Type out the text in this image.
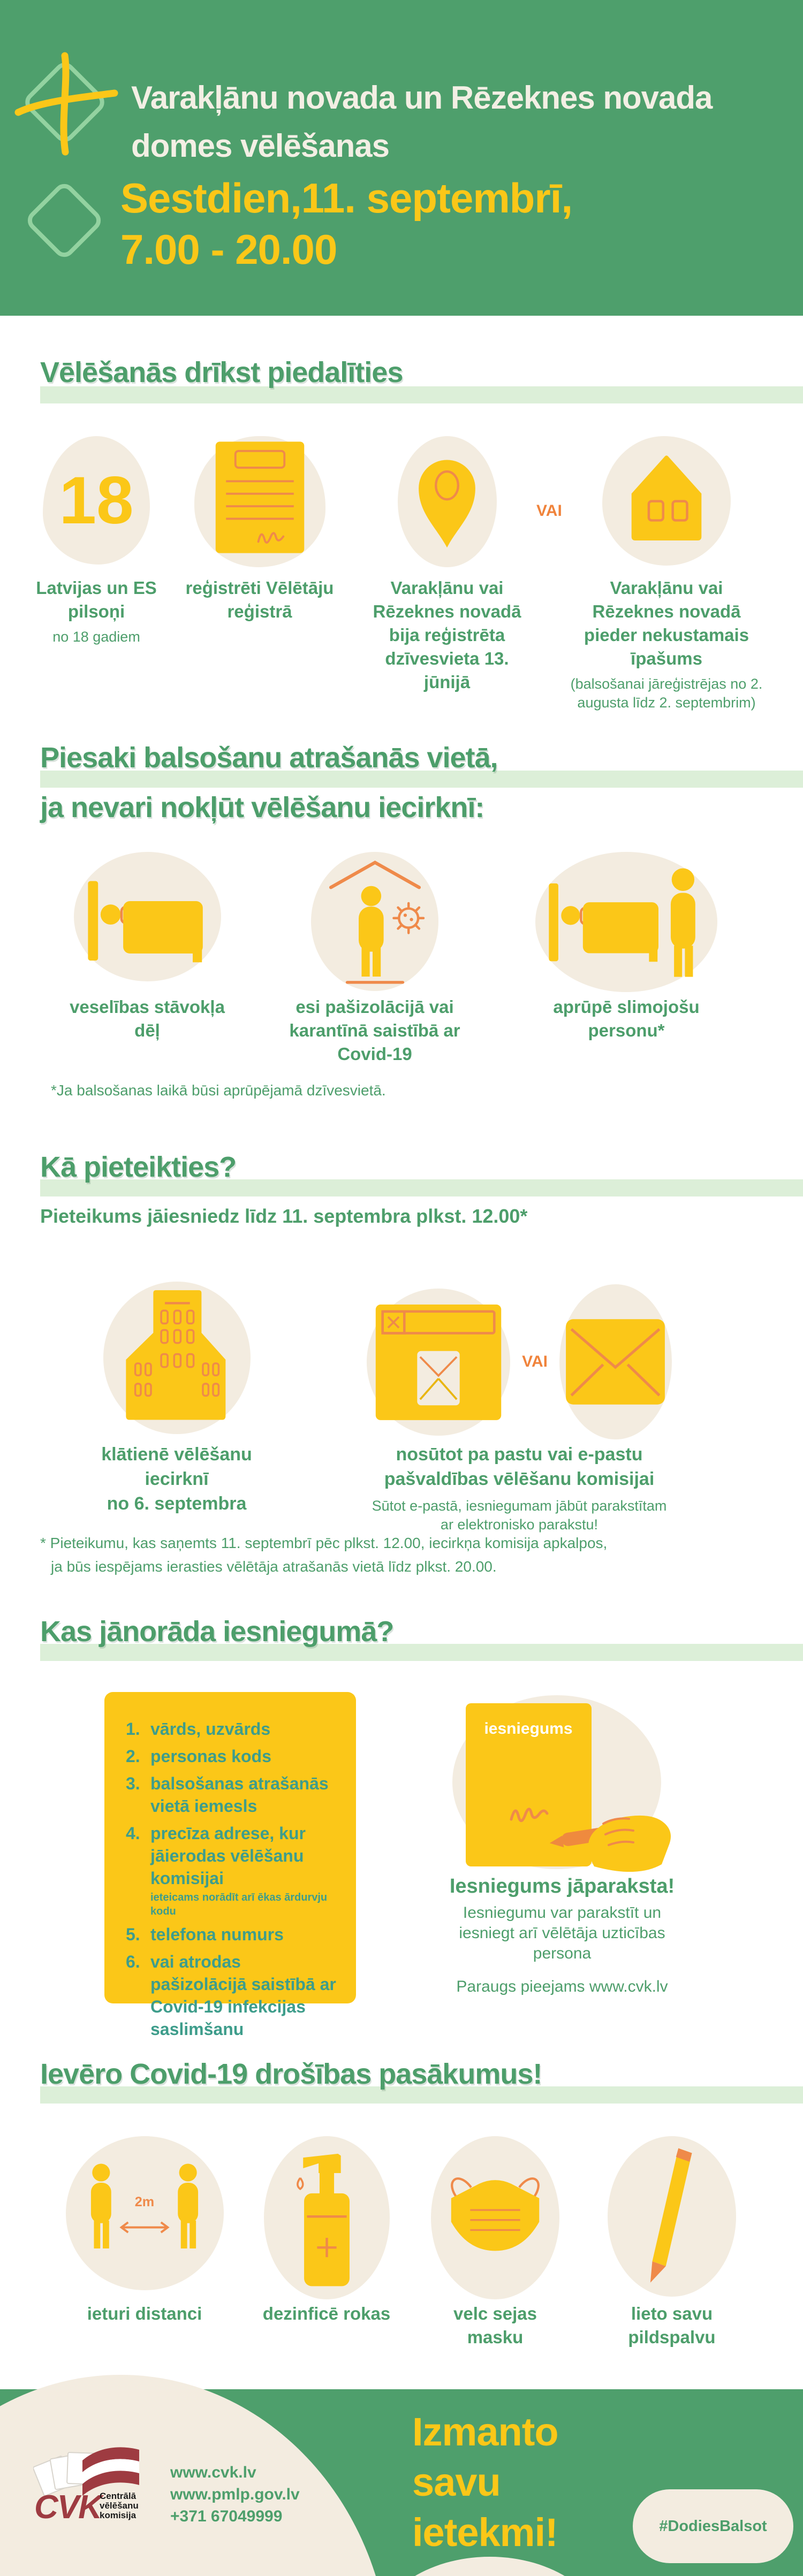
Varakļānu novada un Rēzeknes novada
domes vēlēšanas
Sestdien,11. septembrī,
7.00 - 20.00
Vēlēšanās drīkst piedalīties
18
Latvijas un ES pilsoņi
no 18 gadiem
reģistrēti Vēlētāju reģistrā
Varakļānu vai Rēzeknes novadā bija reģistrēta dzīvesvieta 13. jūnijā
VAI
Varakļānu vai Rēzeknes novadā pieder nekustamais īpašums
(balsošanai jāreģistrējas no 2. augusta līdz 2. septembrim)
Piesaki balsošanu atrašanās vietā,
ja nevari nokļūt vēlēšanu iecirknī:
veselības stāvokļa dēļ
esi pašizolācijā vai karantīnā saistībā ar Covid-19
aprūpē slimojošu personu*
*Ja balsošanas laikā būsi aprūpējamā dzīvesvietā.
Kā pieteikties?
Pieteikums jāiesniedz līdz 11. septembra plkst. 12.00*
klātienē vēlēšanu iecirknī
no 6. septembra
VAI
nosūtot pa pastu vai e-pastu
pašvaldības vēlēšanu komisijai
Sūtot e-pastā, iesniegumam jābūt parakstītam
ar elektronisko parakstu!
* Pieteikumu, kas saņemts 11. septembrī pēc plkst. 12.00, iecirkņa komisija apkalpos,
ja būs iespējams ierasties vēlētāja atrašanās vietā līdz plkst. 20.00.
Kas jānorāda iesniegumā?
vārds, uzvārds
personas kods
balsošanas atrašanās vietā iemesls
precīza adrese, kur jāierodas vēlēšanu komisijai
ieteicams norādīt arī ēkas ārdurvju kodu
telefona numurs
vai atrodas pašizolācijā saistībā ar Covid-19 infekcijas saslimšanu
iesniegums
Iesniegums jāparaksta!
Iesniegumu var parakstīt un iesniegt arī vēlētāja uzticības persona
Paraugs pieejams www.cvk.lv
Ievēro Covid-19 drošības pasākumus!
2m
ieturi distanci	dezinficē rokas	velc sejas masku
lieto savu pildspalvu
CVK
Centrālā
vēlēšanu
komisija
www.cvk.lv
www.pmlp.gov.lv
+371 67049999
Izmanto
savu
ietekmi!	#DodiesBalsot
